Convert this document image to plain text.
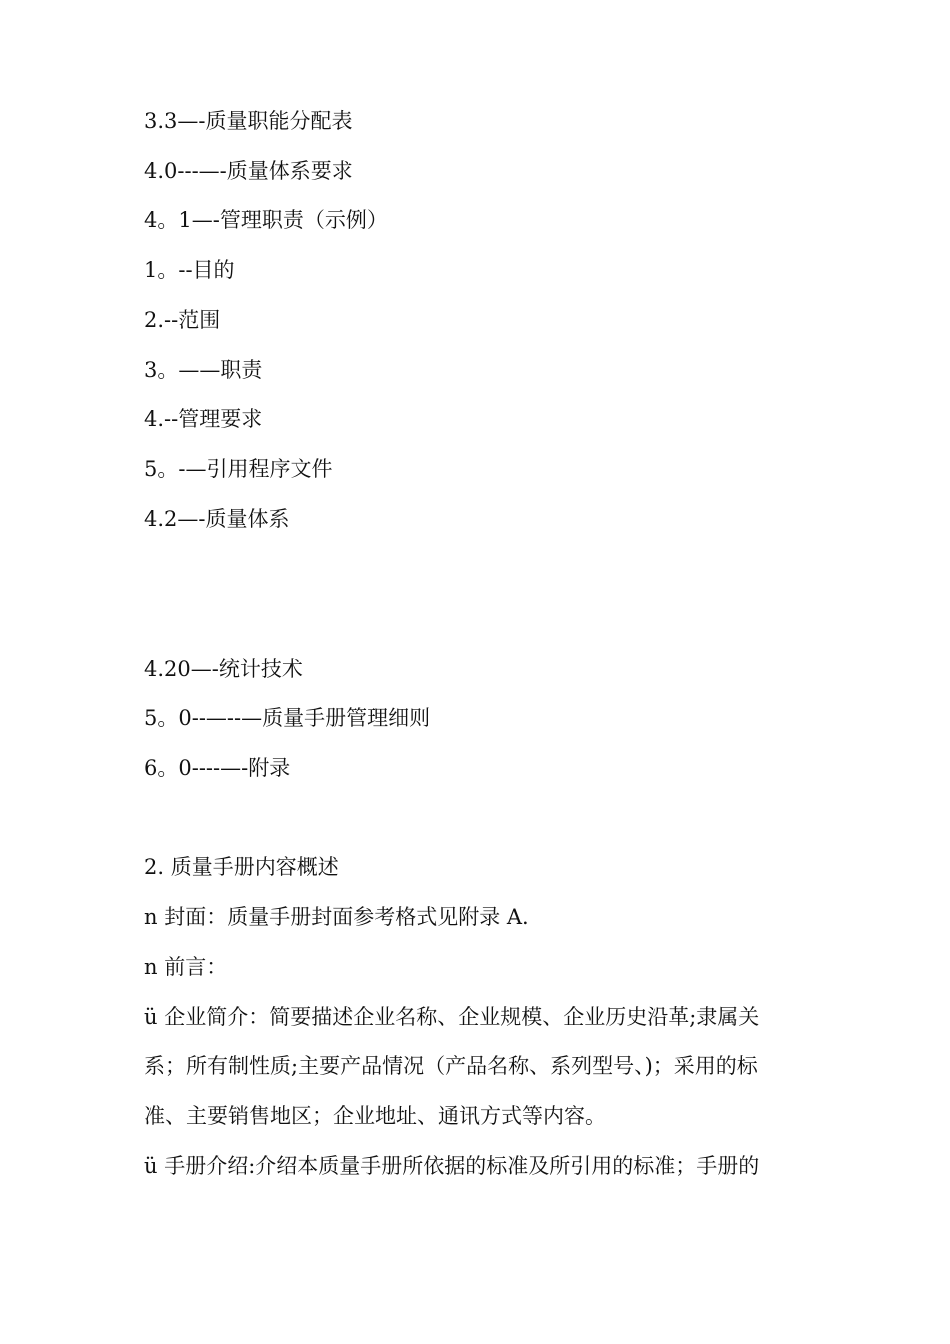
3.3—-质量职能分配表
4.0---—-质量体系要求
4。1—-管理职责（示例）
1。--目的
2.--范围
3。——职责
4.--管理要求
5。-—引用程序文件
4.2—-质量体系
4.20—-统计技术
5。0--—--—质量手册管理细则
6。0----—-附录
2. 质量手册内容概述
n 封面：质量手册封面参考格式见附录 A.
n 前言：
ü 企业简介：简要描述企业名称、企业规模、企业历史沿革;隶属关
系；所有制性质;主要产品情况（产品名称、系列型号、)；采用的标
准、主要销售地区；企业地址、通讯方式等内容。
ü 手册介绍:介绍本质量手册所依据的标准及所引用的标准；手册的
